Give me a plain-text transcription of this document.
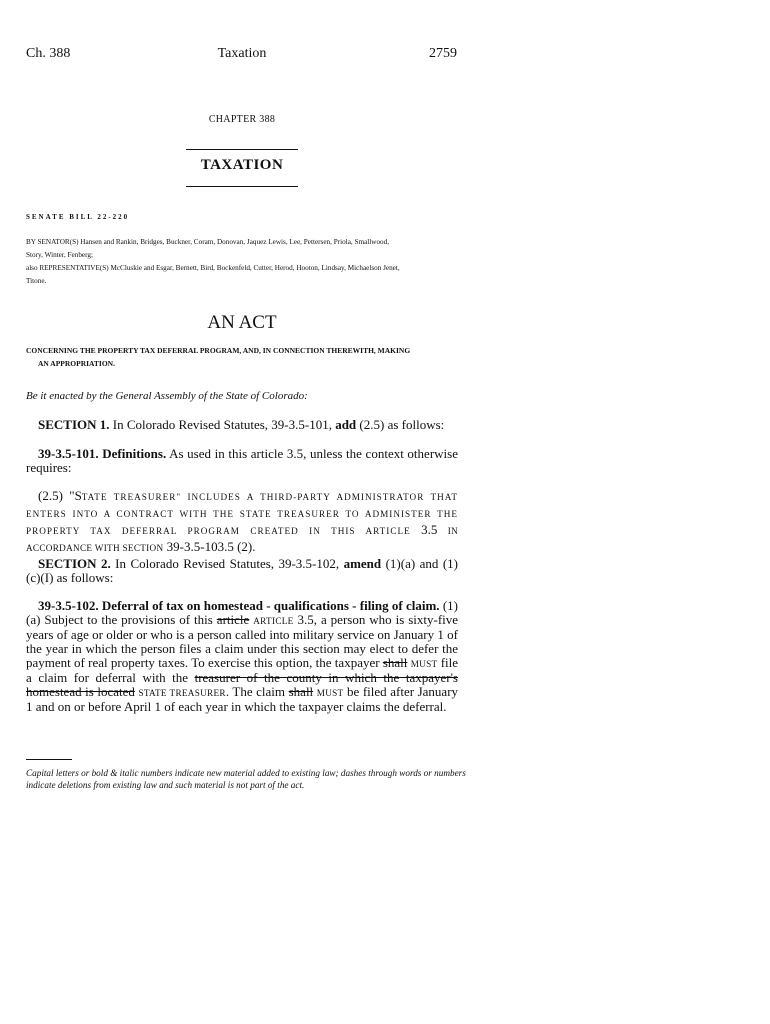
Ch. 388	Taxation	2759
CHAPTER 388
TAXATION
SENATE BILL 22-220
BY SENATOR(S) Hansen and Rankin, Bridges, Buckner, Coram, Donovan, Jaquez Lewis, Lee, Pettersen, Priola, Smallwood,
Story, Winter, Fenberg;
also REPRESENTATIVE(S) McCluskie and Esgar, Bernett, Bird, Bockenfeld, Cutter, Herod, Hooton, Lindsay, Michaelson Jenet,
Titone.
AN ACT
CONCERNING THE PROPERTY TAX DEFERRAL PROGRAM, AND, IN CONNECTION THEREWITH, MAKING
AN APPROPRIATION.
Be it enacted by the General Assembly of the State of Colorado:
SECTION 1. In Colorado Revised Statutes, 39-3.5-101, add (2.5) as follows:
39-3.5-101. Definitions. As used in this article 3.5, unless the context otherwise requires:
(2.5) "STATE TREASURER" INCLUDES A THIRD-PARTY ADMINISTRATOR THAT ENTERS INTO A CONTRACT WITH THE STATE TREASURER TO ADMINISTER THE PROPERTY TAX DEFERRAL PROGRAM CREATED IN THIS ARTICLE 3.5 IN ACCORDANCE WITH SECTION 39-3.5-103.5 (2).
SECTION 2. In Colorado Revised Statutes, 39-3.5-102, amend (1)(a) and (1)(c)(I) as follows:
39-3.5-102. Deferral of tax on homestead - qualifications - filing of claim. (1) (a) Subject to the provisions of this article ARTICLE 3.5, a person who is sixty-five years of age or older or who is a person called into military service on January 1 of the year in which the person files a claim under this section may elect to defer the payment of real property taxes. To exercise this option, the taxpayer shall MUST file a claim for deferral with the treasurer of the county in which the taxpayer's homestead is located STATE TREASURER. The claim shall MUST be filed after January 1 and on or before April 1 of each year in which the taxpayer claims the deferral.
Capital letters or bold & italic numbers indicate new material added to existing law; dashes through words or numbers indicate deletions from existing law and such material is not part of the act.
